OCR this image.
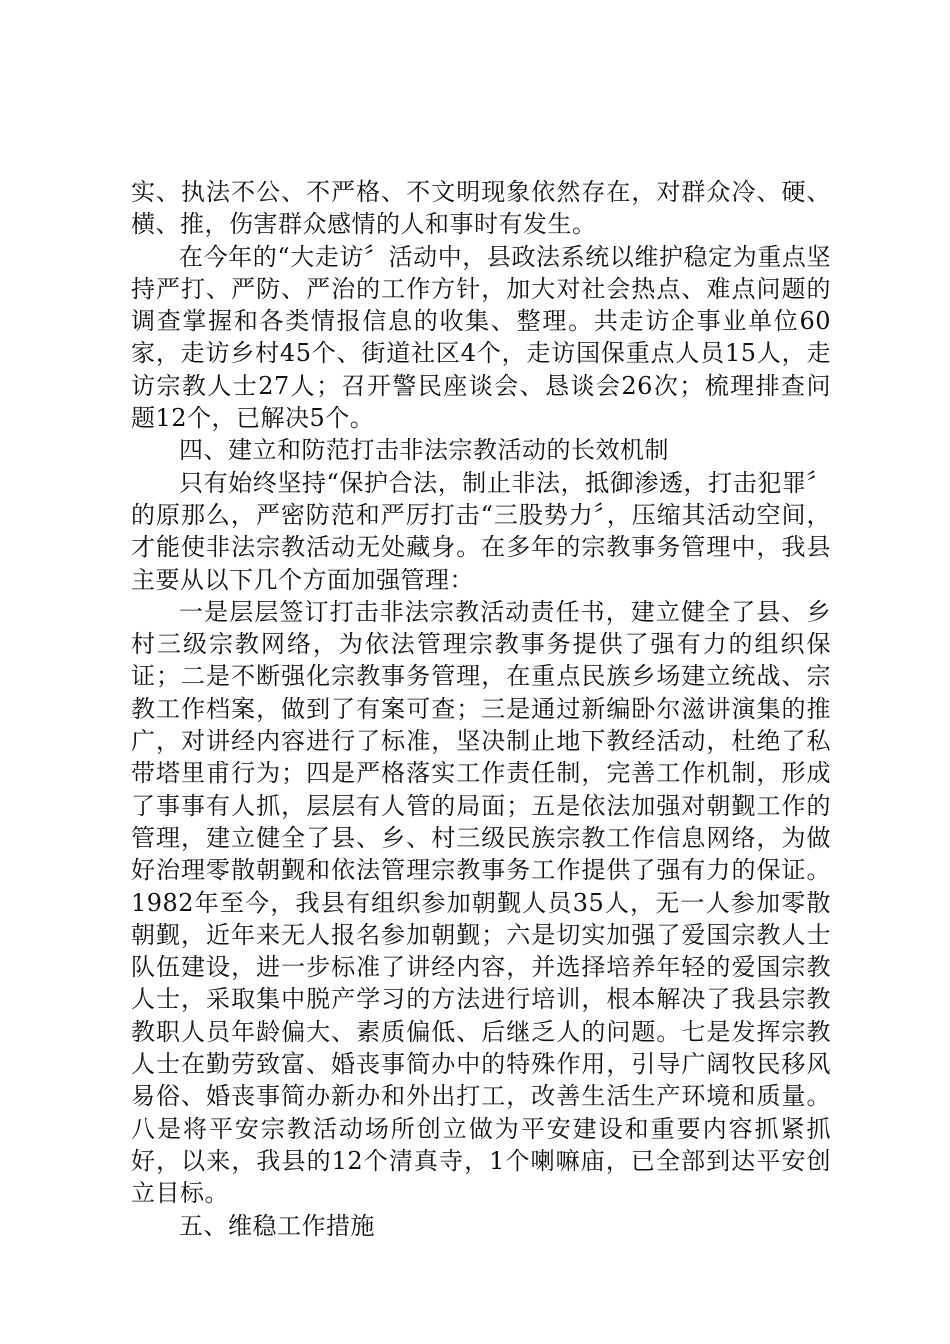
实、执法不公、不严格、不文明现象依然存在，对群众冷、硬、横、推，伤害群众感情的人和事时有发生。

在今年的“大走访〞活动中，县政法系统以维护稳定为重点坚持严打、严防、严治的工作方针，加大对社会热点、难点问题的调查掌握和各类情报信息的收集、整理。共走访企事业单位60家，走访乡村45个、街道社区4个，走访国保重点人员15人，走访宗教人士27人；召开警民座谈会、恳谈会26次；梳理排查问题12个，已解决5个。

四、建立和防范打击非法宗教活动的长效机制

只有始终坚持“保护合法，制止非法，抵御渗透，打击犯罪〞的原那么，严密防范和严厉打击“三股势力〞，压缩其活动空间，才能使非法宗教活动无处藏身。在多年的宗教事务管理中，我县主要从以下几个方面加强管理：

一是层层签订打击非法宗教活动责任书，建立健全了县、乡村三级宗教网络，为依法管理宗教事务提供了强有力的组织保证；二是不断强化宗教事务管理，在重点民族乡场建立统战、宗教工作档案，做到了有案可查；三是通过新编卧尔滋讲演集的推广，对讲经内容进行了标准，坚决制止地下教经活动，杜绝了私带塔里甫行为；四是严格落实工作责任制，完善工作机制，形成了事事有人抓，层层有人管的局面；五是依法加强对朝觐工作的管理，建立健全了县、乡、村三级民族宗教工作信息网络，为做好治理零散朝觐和依法管理宗教事务工作提供了强有力的保证。1982年至今，我县有组织参加朝觐人员35人，无一人参加零散朝觐，近年来无人报名参加朝觐；六是切实加强了爱国宗教人士队伍建设，进一步标准了讲经内容，并选择培养年轻的爱国宗教人士，采取集中脱产学习的方法进行培训，根本解决了我县宗教教职人员年龄偏大、素质偏低、后继乏人的问题。七是发挥宗教人士在勤劳致富、婚丧事简办中的特殊作用，引导广阔牧民移风易俗、婚丧事简办新办和外出打工，改善生活生产环境和质量。八是将平安宗教活动场所创立做为平安建设和重要内容抓紧抓好，以来，我县的12个清真寺，1个喇嘛庙，已全部到达平安创立目标。

五、维稳工作措施
